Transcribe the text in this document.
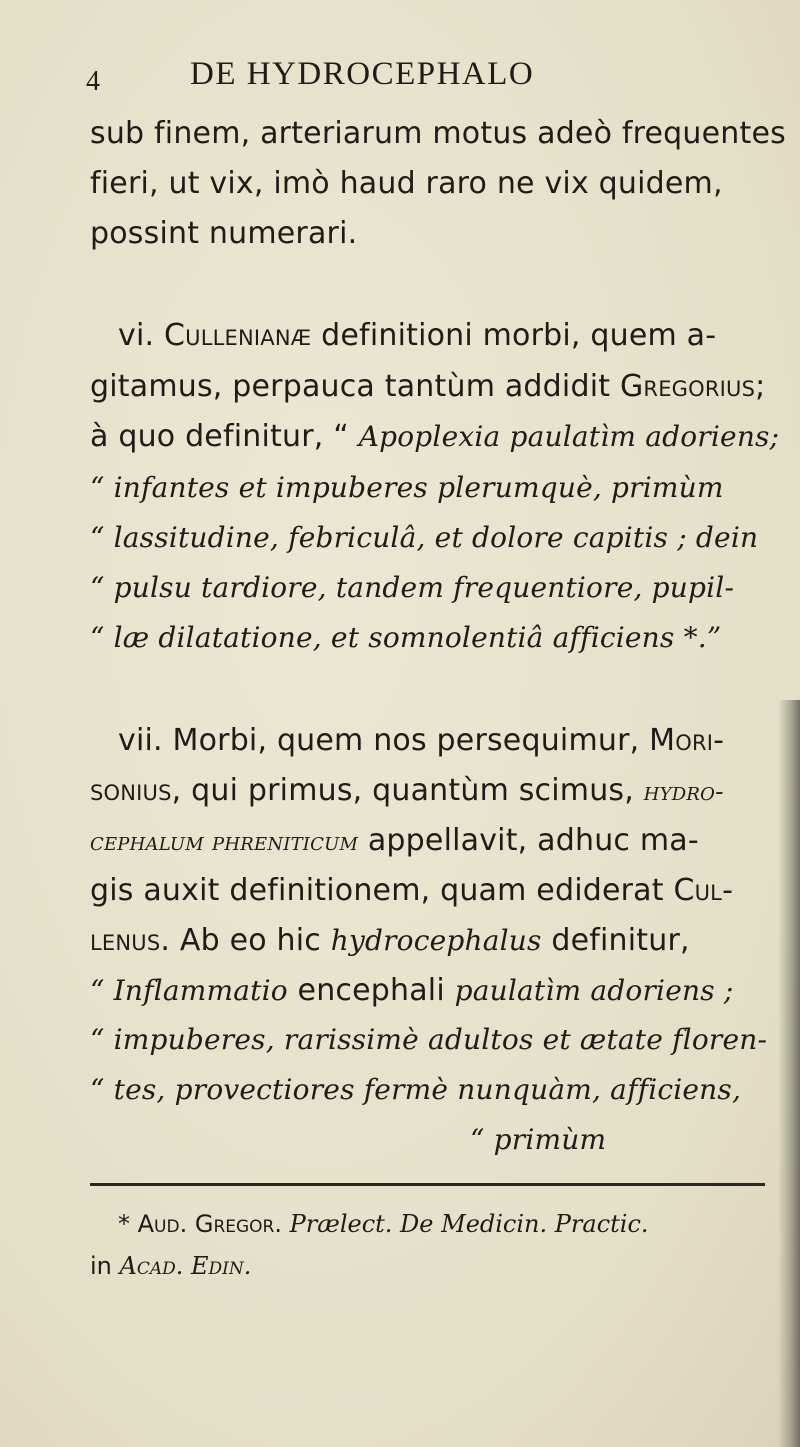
4	DE HYDROCEPHALO
sub finem, arteriarum motus adeò frequentes
fieri, ut vix, imò haud raro ne vix quidem,
possint numerari.
vi. Cullenianæ definitioni morbi, quem a-
gitamus, perpauca tantùm addidit Gregorius;
à quo definitur, “ Apoplexia paulatìm adoriens;
“ infantes et impuberes plerumquè, primùm
“ lassitudine, febriculâ, et dolore capitis ; dein
“ pulsu tardiore, tandem frequentiore, pupil-
“ læ dilatatione, et somnolentiâ afficiens *.”
vii. Morbi, quem nos persequimur, Mori-
sonius, qui primus, quantùm scimus, hydro-
cephalum phreniticum appellavit, adhuc ma-
gis auxit definitionem, quam ediderat Cul-
lenus. Ab eo hic hydrocephalus definitur,
“ Inflammatio encephali paulatìm adoriens ;
“ impuberes, rarissimè adultos et ætate floren-
“ tes, provectiores fermè nunquàm, afficiens,
“ primùm
* Aud. Gregor. Prælect. De Medicin. Practic.
in Acad. Edin.
